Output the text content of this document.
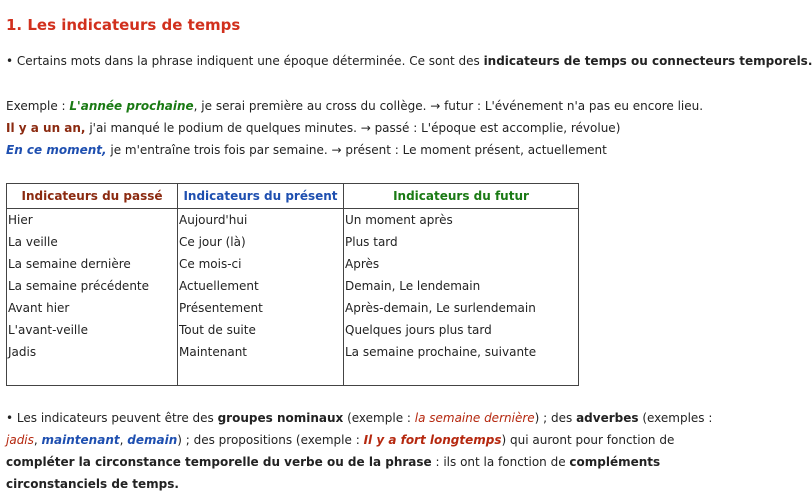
1. Les indicateurs de temps
• Certains mots dans la phrase indiquent une époque déterminée. Ce sont des indicateurs de temps ou connecteurs temporels.
Exemple : L'année prochaine, je serai première au cross du collège. → futur : L'événement n'a pas eu encore lieu.
Il y a un an, j'ai manqué le podium de quelques minutes. → passé : L'époque est accomplie, révolue)
En ce moment, je m'entraîne trois fois par semaine. → présent : Le moment présent, actuellement
Indicateurs du passé	Indicateurs du présent	Indicateurs du futur
Hier	Aujourd'hui	Un moment après
La veille	Ce jour (là)	Plus tard
La semaine dernière	Ce mois-ci	Après
La semaine précédente	Actuellement	Demain, Le lendemain
Avant hier	Présentement	Après-demain, Le surlendemain
L'avant-veille	Tout de suite	Quelques jours plus tard
Jadis	Maintenant	La semaine prochaine, suivante

• Les indicateurs peuvent être des groupes nominaux (exemple : la semaine dernière) ; des adverbes (exemples : jadis, maintenant, demain) ; des propositions (exemple : Il y a fort longtemps) qui auront pour fonction de compléter la circonstance temporelle du verbe ou de la phrase : ils ont la fonction de compléments circonstanciels de temps.
